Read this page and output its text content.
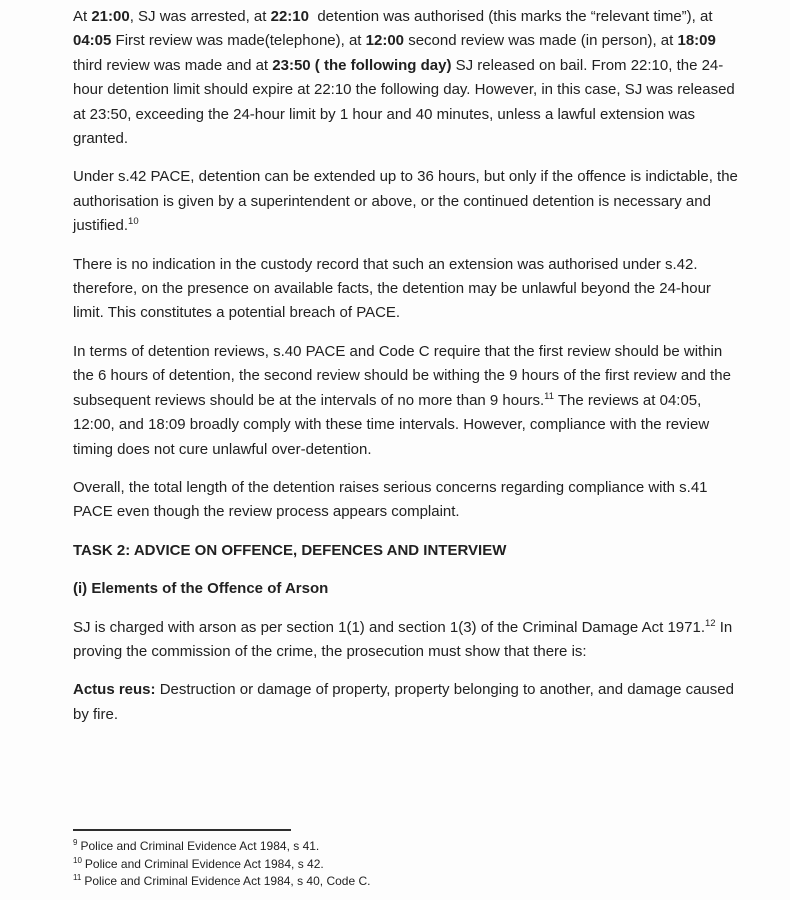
At 21:00, SJ was arrested, at 22:10  detention was authorised (this marks the “relevant time”), at 04:05 First review was made(telephone), at 12:00 second review was made (in person), at 18:09  third review was made and at 23:50 ( the following day) SJ released on bail. From 22:10, the 24-hour detention limit should expire at 22:10 the following day. However, in this case, SJ was released at 23:50, exceeding the 24-hour limit by 1 hour and 40 minutes, unless a lawful extension was granted.

Under s.42 PACE, detention can be extended up to 36 hours, but only if the offence is indictable, the authorisation is given by a superintendent or above, or the continued detention is necessary and justified.$^{10}$

There is no indication in the custody record that such an extension was authorised under s.42. therefore, on the presence on available facts, the detention may be unlawful beyond the 24-hour limit. This constitutes a potential breach of PACE.

In terms of detention reviews, s.40 PACE and Code C require that the first review should be within the 6 hours of detention, the second review should be withing the 9 hours of the first review and the subsequent reviews should be at the intervals of no more than 9 hours.$^{11}$ The reviews at 04:05, 12:00, and 18:09 broadly comply with these time intervals. However, compliance with the review timing does not cure unlawful over-detention.

Overall, the total length of the detention raises serious concerns regarding compliance with s.41 PACE even though the review process appears complaint.

TASK 2: ADVICE ON OFFENCE, DEFENCES AND INTERVIEW

(i) Elements of the Offence of Arson

SJ is charged with arson as per section 1(1) and section 1(3) of the Criminal Damage Act 1971.12 In proving the commission of the crime, the prosecution must show that there is:

Actus reus: Destruction or damage of property, property belonging to another, and damage caused by fire.

$^9$ Police and Criminal Evidence Act 1984, s 41.
$^{10}$ Police and Criminal Evidence Act 1984, s 42.
$^{11}$ Police and Criminal Evidence Act 1984, s 40, Code C.
